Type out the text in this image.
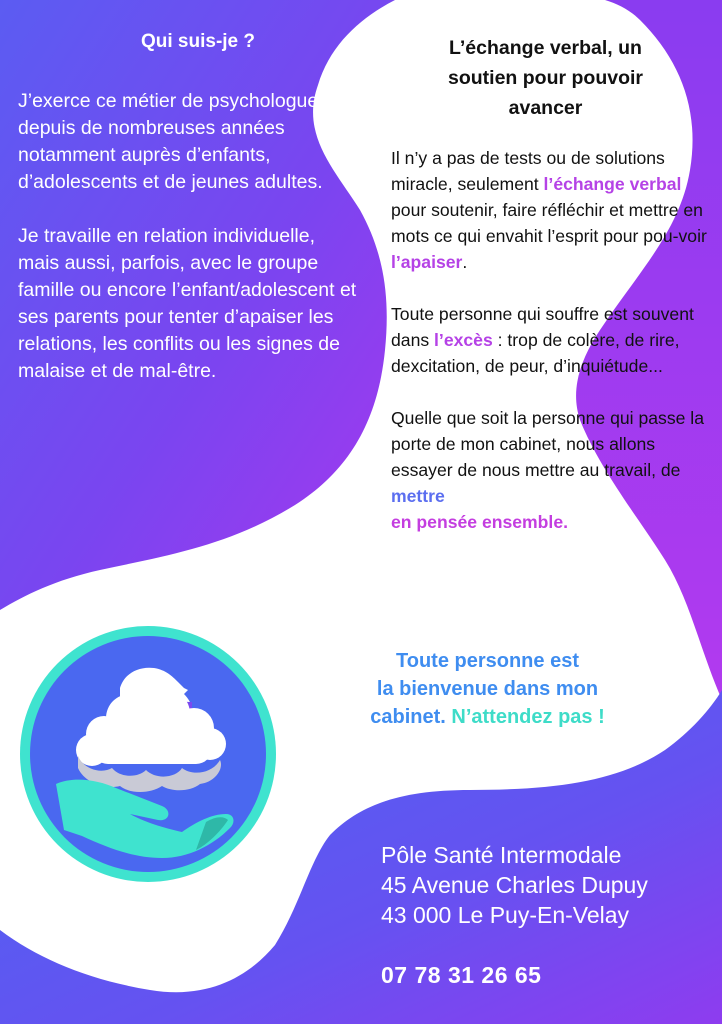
Qui suis-je ?

J’exerce ce métier de psychologue depuis de nombreuses années notamment auprès d’enfants, d’adolescents et de jeunes adultes.

Je travaille en relation individuelle, mais aussi, parfois, avec le groupe famille ou encore l’enfant/adolescent et ses parents pour tenter d’apaiser les relations, les conflits ou les signes de malaise et de mal-être.

L’échange verbal, un
soutien pour pouvoir
avancer

Il n’y a pas de tests ou de solutions miracle, seulement l’échange verbal pour soutenir, faire réfléchir et mettre en mots ce qui envahit l’esprit pour pou-voir l’apaiser.

Toute personne qui souffre est souvent dans l’excès : trop de colère, de rire, dexcitation, de peur, d’inquiétude...

Quelle que soit la personne qui passe la porte de mon cabinet, nous allons essayer de nous mettre au travail, de mettre
en pensée ensemble.

Toute personne est
la bienvenue dans mon
cabinet. N’attendez pas !
Pôle Santé Intermodale
45 Avenue Charles Dupuy
43 000 Le Puy-En-Velay
07 78 31 26 65
